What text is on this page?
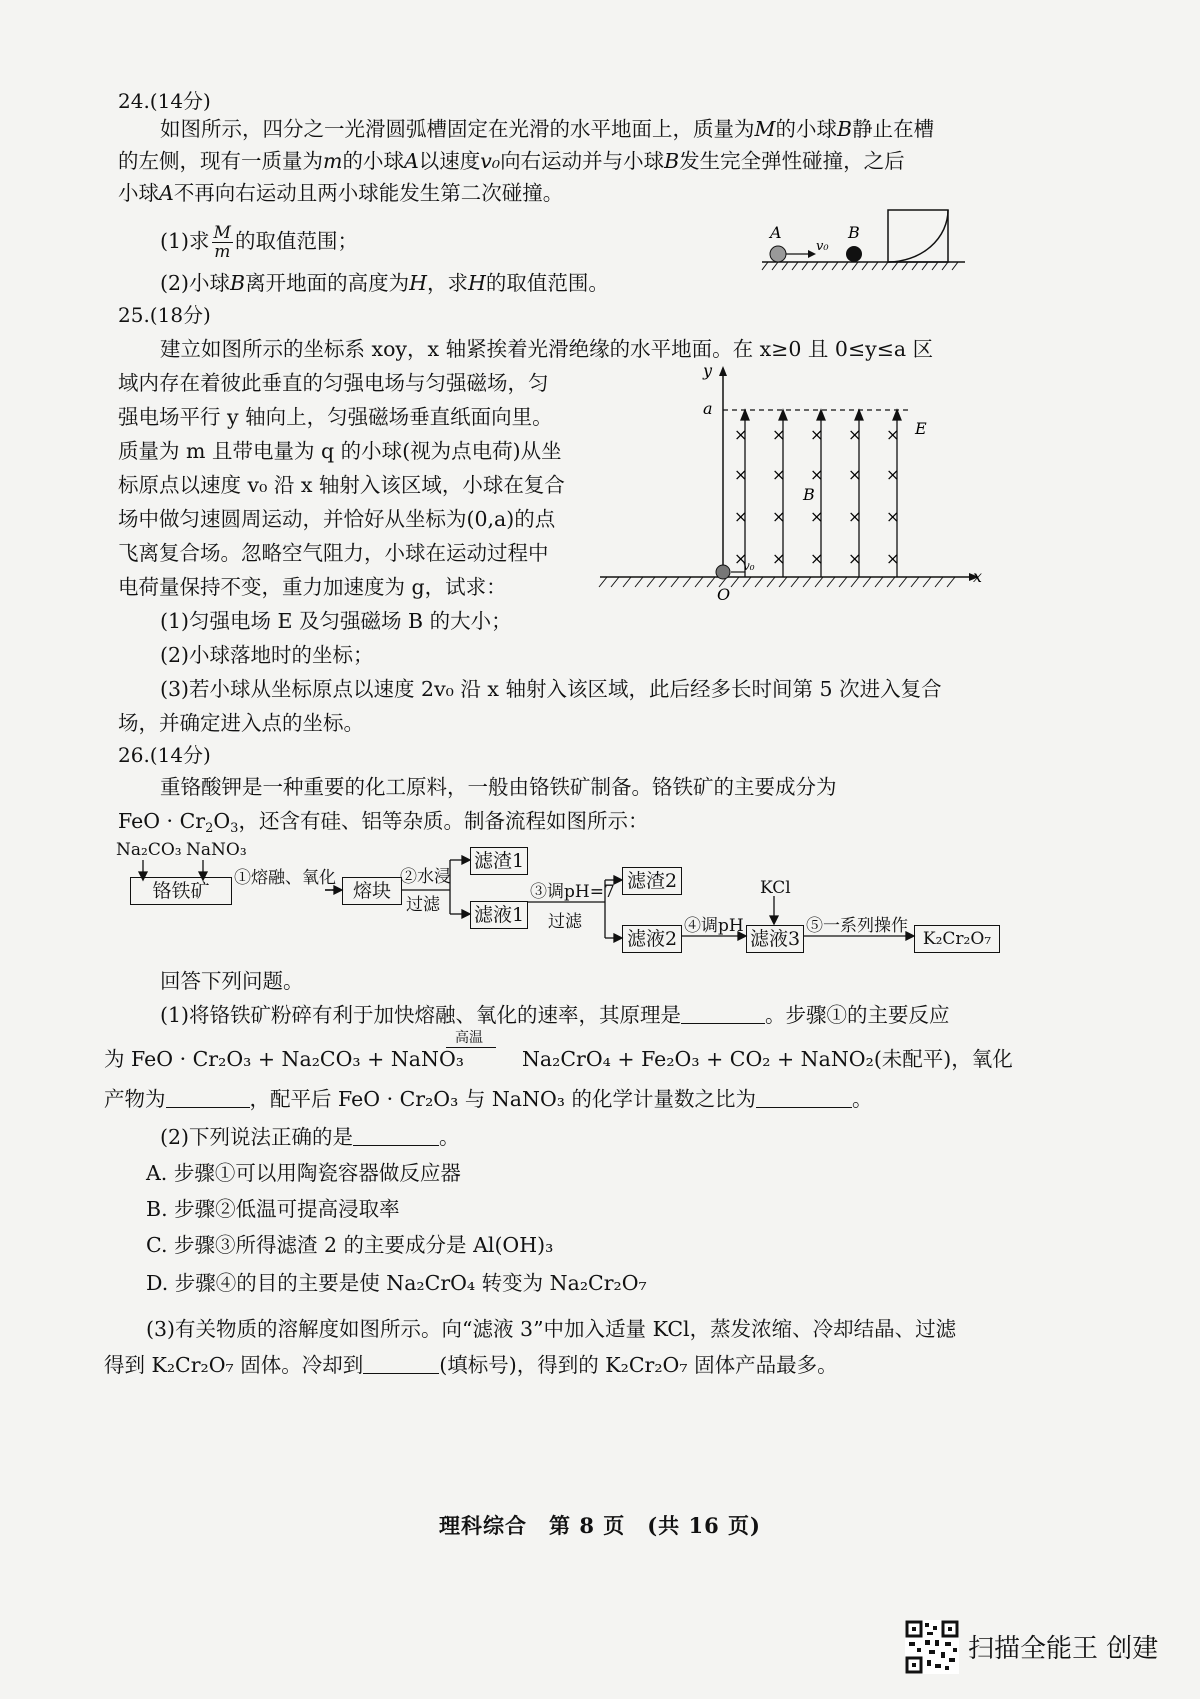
24.(14分)
如图所示，四分之一光滑圆弧槽固定在光滑的水平地面上，质量为M的小球B静止在槽
的左侧，现有一质量为m的小球A以速度v₀向右运动并与小球B发生完全弹性碰撞，之后
小球A不再向右运动且两小球能发生第二次碰撞。
(1)求 $\frac{M}{m}$ 的取值范围；
(2)小球B离开地面的高度为H，求H的取值范围。
A	B
v₀
25.(18分)
建立如图所示的坐标系 xoy，x 轴紧挨着光滑绝缘的水平地面。在 x≥0 且 0≤y≤a 区
域内存在着彼此垂直的匀强电场与匀强磁场，匀
强电场平行 y 轴向上，匀强磁场垂直纸面向里。
质量为 m 且带电量为 q 的小球(视为点电荷)从坐
标原点以速度 v₀ 沿 x 轴射入该区域，小球在复合
场中做匀速圆周运动，并恰好从坐标为(0,a)的点
飞离复合场。忽略空气阻力，小球在运动过程中
电荷量保持不变，重力加速度为 g，试求：
(1)匀强电场 E 及匀强磁场 B 的大小；
(2)小球落地时的坐标；
(3)若小球从坐标原点以速度 2v₀ 沿 x 轴射入该区域，此后经多长时间第 5 次进入复合
场，并确定进入点的坐标。
× × × × ×
× × × × ×
× × × × ×
× × × × ×
v₀
y
x
a
E
B
O
26.(14分)
重铬酸钾是一种重要的化工原料，一般由铬铁矿制备。铬铁矿的主要成分为
FeO · $Cr_2O_3$，还含有硅、铝等杂质。制备流程如图所示：
Na₂CO₃ NaNO₃
铬铁矿
①熔融、氧化
熔块
②水浸
过滤
滤渣1
滤液1
③调pH=7
过滤
滤渣2
滤液2
④调pH
KCl
滤液3
⑤一系列操作
K₂Cr₂O₇
回答下列问题。
(1)将铬铁矿粉碎有利于加快熔融、氧化的速率，其原理是	。步骤①的主要反应
高温
为 FeO · Cr₂O₃ + Na₂CO₃ + NaNO₃	Na₂CrO₄ + Fe₂O₃ + CO₂ + NaNO₂(未配平)，氧化
产物为	，配平后 FeO · Cr₂O₃ 与 NaNO₃ 的化学计量数之比为	。
(2)下列说法正确的是	。
A. 步骤①可以用陶瓷容器做反应器
B. 步骤②低温可提高浸取率
C. 步骤③所得滤渣 2 的主要成分是 Al(OH)₃
D. 步骤④的目的主要是使 Na₂CrO₄ 转变为 Na₂Cr₂O₇
(3)有关物质的溶解度如图所示。向“滤液 3”中加入适量 KCl，蒸发浓缩、冷却结晶、过滤
得到 K₂Cr₂O₇ 固体。冷却到	(填标号)，得到的 K₂Cr₂O₇ 固体产品最多。
理科综合　第 8 页　(共 16 页)
扫描全能王 创建
